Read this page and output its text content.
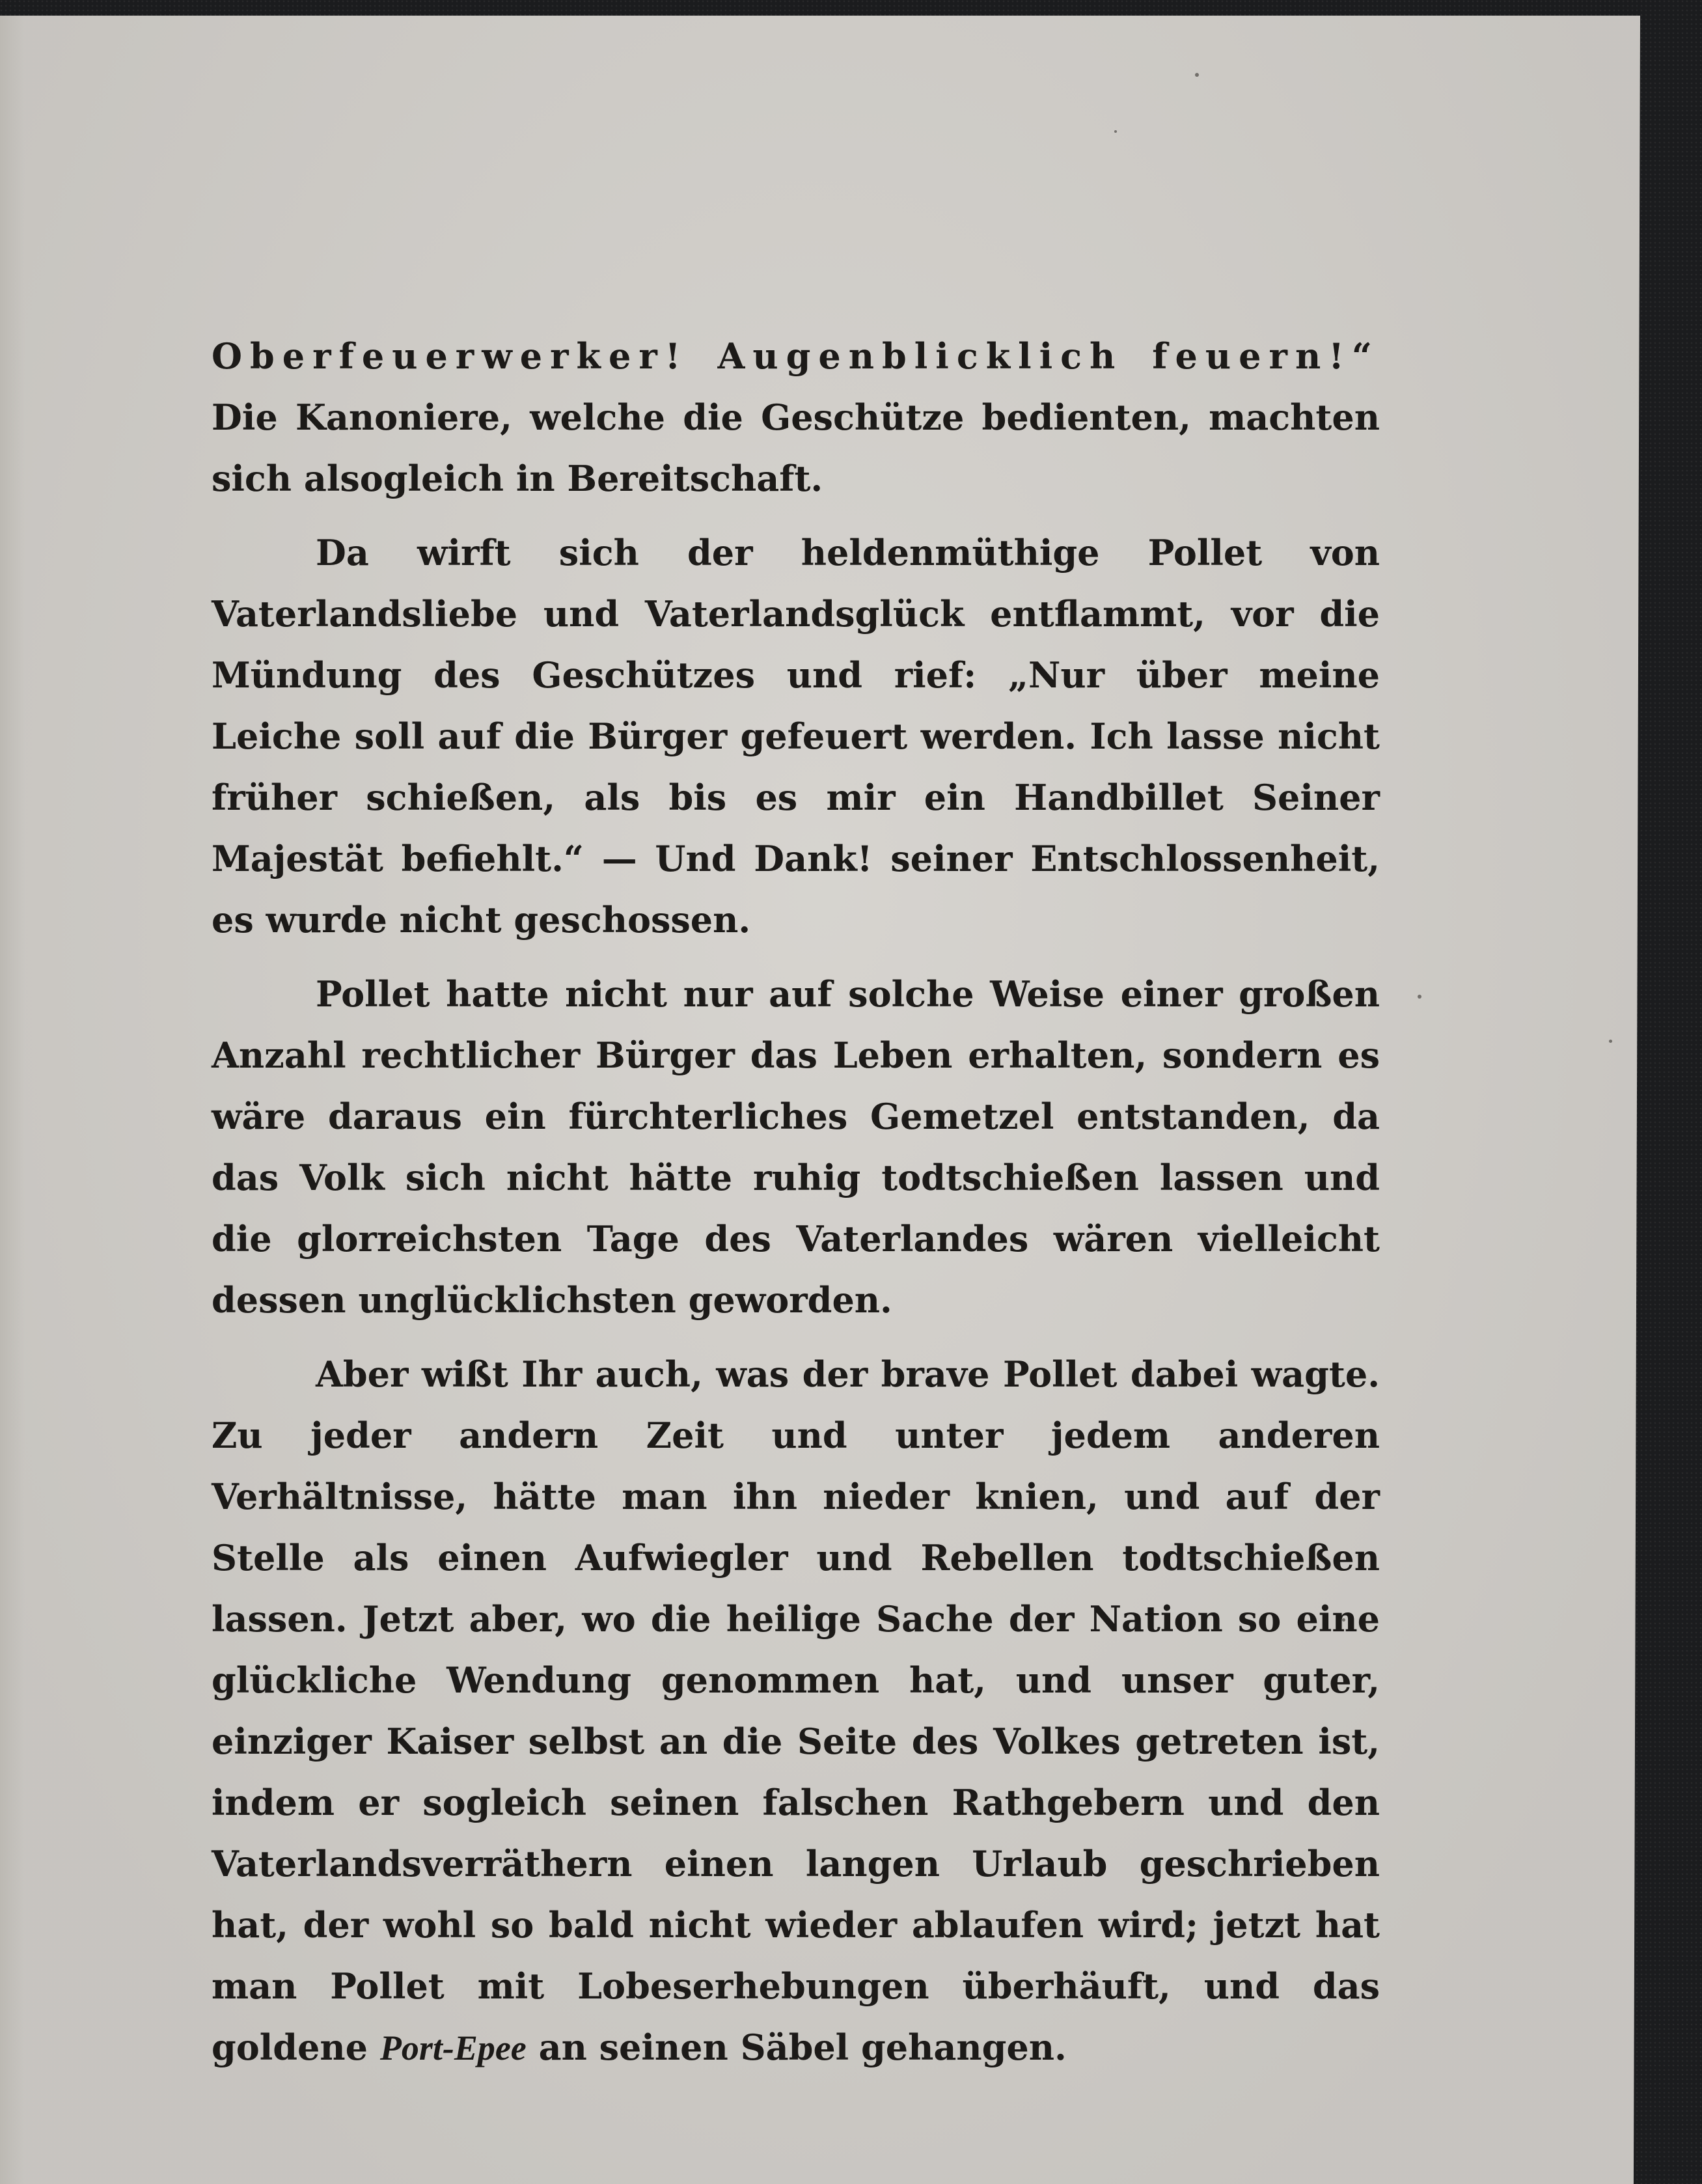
Oberfeuerwerker! Augenblicklich feuern!“ Die Kanoniere, welche die Geschütze bedienten, machten sich alsogleich in Bereitschaft.

Da wirft sich der heldenmüthige Pollet von Vaterlandsliebe und Vaterlandsglück entflammt, vor die Mündung des Geschützes und rief: „Nur über meine Leiche soll auf die Bürger gefeuert werden. Ich lasse nicht früher schießen, als bis es mir ein Handbillet Seiner Majestät befiehlt.“ — Und Dank! seiner Entschlossenheit, es wurde nicht geschossen.

Pollet hatte nicht nur auf solche Weise einer großen Anzahl rechtlicher Bürger das Leben erhalten, sondern es wäre daraus ein fürchterliches Gemetzel entstanden, da das Volk sich nicht hätte ruhig todtschießen lassen und die glorreichsten Tage des Vaterlandes wären vielleicht dessen unglücklichsten geworden.

Aber wißt Ihr auch, was der brave Pollet dabei wagte. Zu jeder andern Zeit und unter jedem anderen Verhältnisse, hätte man ihn nieder knien, und auf der Stelle als einen Aufwiegler und Rebellen todtschießen lassen. Jetzt aber, wo die heilige Sache der Nation so eine glückliche Wendung genommen hat, und unser guter, einziger Kaiser selbst an die Seite des Volkes getreten ist, indem er sogleich seinen falschen Rathgebern und den Vaterlandsverräthern einen langen Urlaub geschrieben hat, der wohl so bald nicht wieder ablaufen wird; jetzt hat man Pollet mit Lobeserhebungen überhäuft, und das goldene Port-Epee an seinen Säbel gehangen.
